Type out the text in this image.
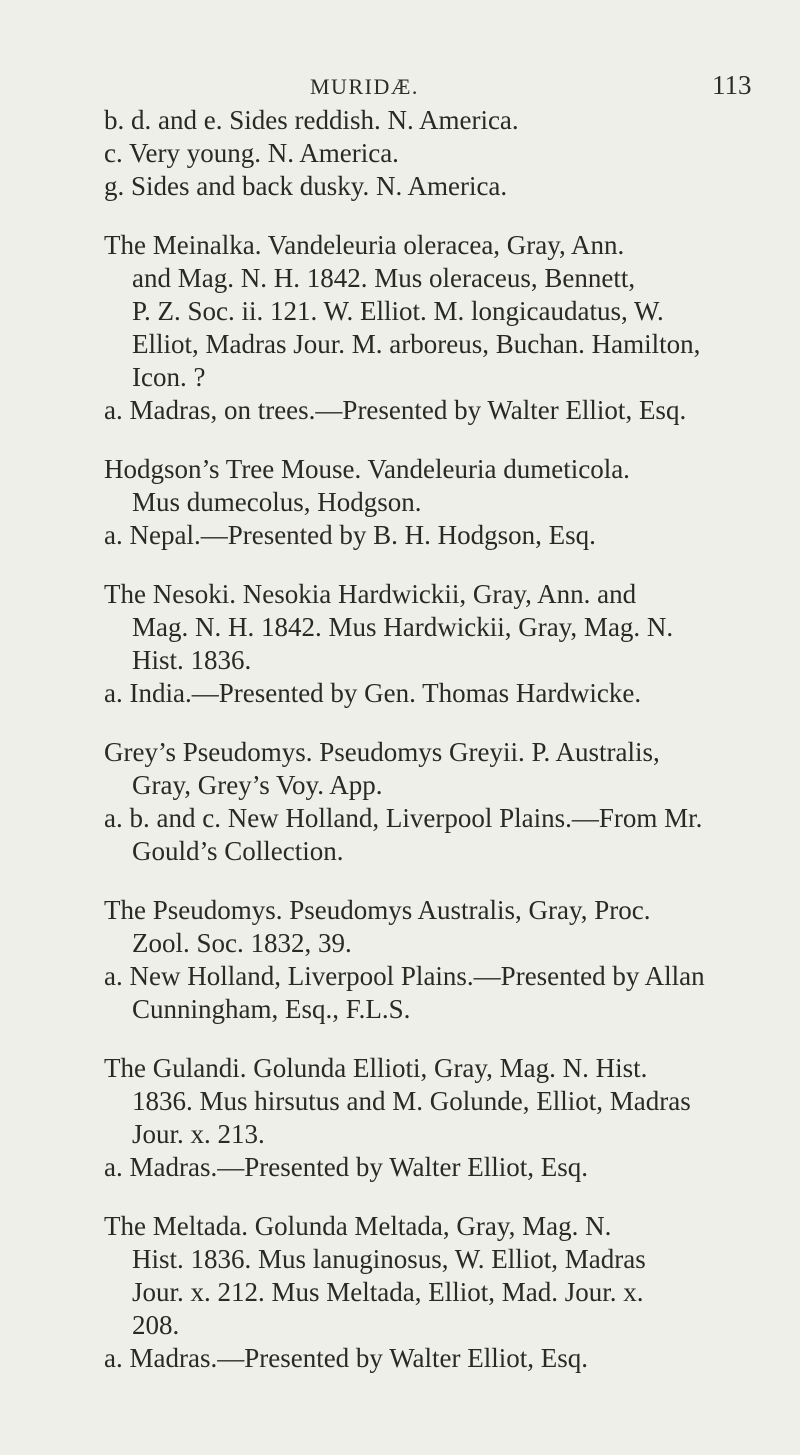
MURIDÆ.	113

b. d. and e. Sides reddish. N. America.

c. Very young. N. America.

g. Sides and back dusky. N. America.

The Meinalka. Vandeleuria oleracea, Gray, Ann.

and Mag. N. H. 1842. Mus oleraceus, Bennett,

P. Z. Soc. ii. 121. W. Elliot. M. longicaudatus, W.

Elliot, Madras Jour. M. arboreus, Buchan. Hamilton,

Icon. ?

a. Madras, on trees.—Presented by Walter Elliot, Esq.

Hodgson’s Tree Mouse. Vandeleuria dumeticola.

Mus dumecolus, Hodgson.

a. Nepal.—Presented by B. H. Hodgson, Esq.

The Nesoki. Nesokia Hardwickii, Gray, Ann. and

Mag. N. H. 1842. Mus Hardwickii, Gray, Mag. N.

Hist. 1836.

a. India.—Presented by Gen. Thomas Hardwicke.

Grey’s Pseudomys. Pseudomys Greyii. P. Australis,

Gray, Grey’s Voy. App.

a. b. and c. New Holland, Liverpool Plains.—From Mr.

Gould’s Collection.

The Pseudomys. Pseudomys Australis, Gray, Proc.

Zool. Soc. 1832, 39.

a. New Holland, Liverpool Plains.—Presented by Allan

Cunningham, Esq., F.L.S.

The Gulandi. Golunda Ellioti, Gray, Mag. N. Hist.

1836. Mus hirsutus and M. Golunde, Elliot, Madras

Jour. x. 213.

a. Madras.—Presented by Walter Elliot, Esq.

The Meltada. Golunda Meltada, Gray, Mag. N.

Hist. 1836. Mus lanuginosus, W. Elliot, Madras

Jour. x. 212. Mus Meltada, Elliot, Mad. Jour. x.

208.

a. Madras.—Presented by Walter Elliot, Esq.
